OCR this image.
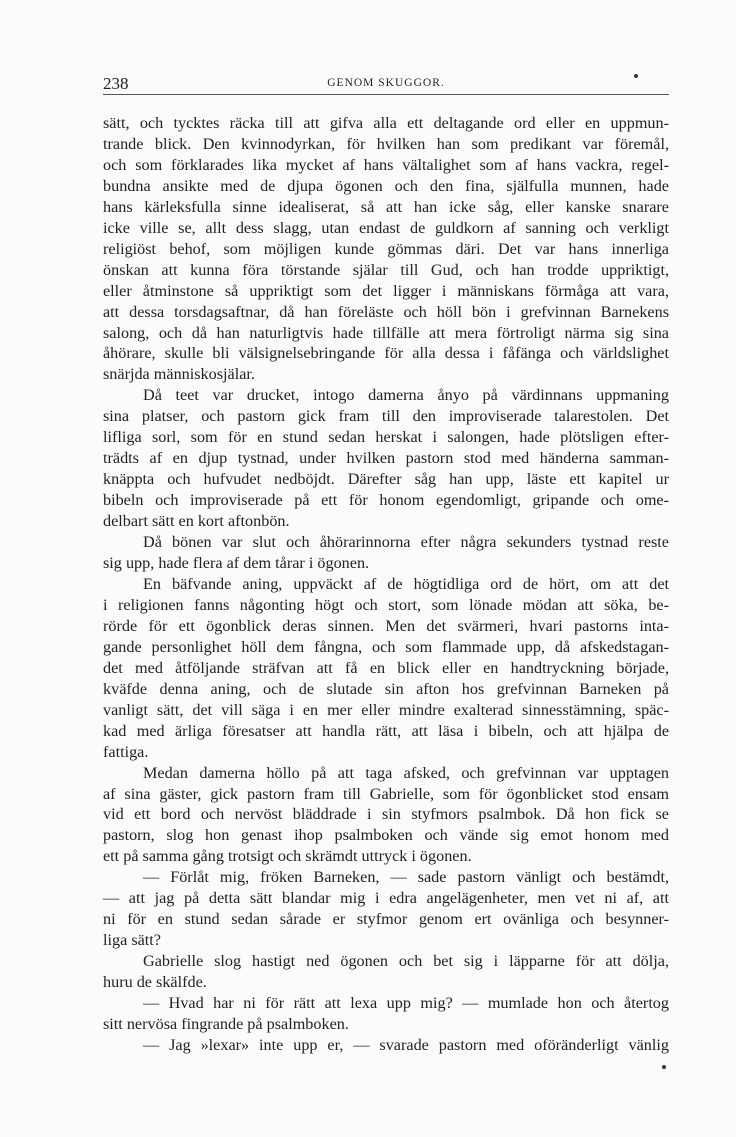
238	GENOM SKUGGOR.
sätt, och tycktes räcka till att gifva alla ett deltagande ord eller en uppmun-
trande blick. Den kvinnodyrkan, för hvilken han som predikant var föremål,
och som förklarades lika mycket af hans vältalighet som af hans vackra, regel-
bundna ansikte med de djupa ögonen och den fina, själfulla munnen, hade
hans kärleksfulla sinne idealiserat, så att han icke såg, eller kanske snarare
icke ville se, allt dess slagg, utan endast de guldkorn af sanning och verkligt
religiöst behof, som möjligen kunde gömmas däri. Det var hans innerliga
önskan att kunna föra törstande själar till Gud, och han trodde uppriktigt,
eller åtminstone så uppriktigt som det ligger i människans förmåga att vara,
att dessa torsdagsaftnar, då han föreläste och höll bön i grefvinnan Barnekens
salong, och då han naturligtvis hade tillfälle att mera förtroligt närma sig sina
åhörare, skulle bli välsignelsebringande för alla dessa i fåfänga och världslighet
snärjda människosjälar.
Då teet var drucket, intogo damerna ånyo på värdinnans uppmaning
sina platser, och pastorn gick fram till den improviserade talarestolen. Det
lifliga sorl, som för en stund sedan herskat i salongen, hade plötsligen efter-
trädts af en djup tystnad, under hvilken pastorn stod med händerna samman-
knäppta och hufvudet nedböjdt. Därefter såg han upp, läste ett kapitel ur
bibeln och improviserade på ett för honom egendomligt, gripande och ome-
delbart sätt en kort aftonbön.
Då bönen var slut och åhörarinnorna efter några sekunders tystnad reste
sig upp, hade flera af dem tårar i ögonen.
En bäfvande aning, uppväckt af de högtidliga ord de hört, om att det
i religionen fanns någonting högt och stort, som lönade mödan att söka, be-
rörde för ett ögonblick deras sinnen. Men det svärmeri, hvari pastorns inta-
gande personlighet höll dem fångna, och som flammade upp, då afskedstagan-
det med åtföljande sträfvan att få en blick eller en handtryckning började,
kväfde denna aning, och de slutade sin afton hos grefvinnan Barneken på
vanligt sätt, det vill säga i en mer eller mindre exalterad sinnesstämning, späc-
kad med ärliga föresatser att handla rätt, att läsa i bibeln, och att hjälpa de
fattiga.
Medan damerna höllo på att taga afsked, och grefvinnan var upptagen
af sina gäster, gick pastorn fram till Gabrielle, som för ögonblicket stod ensam
vid ett bord och nervöst bläddrade i sin styfmors psalmbok. Då hon fick se
pastorn, slog hon genast ihop psalmboken och vände sig emot honom med
ett på samma gång trotsigt och skrämdt uttryck i ögonen.
— Förlåt mig, fröken Barneken, — sade pastorn vänligt och bestämdt,
— att jag på detta sätt blandar mig i edra angelägenheter, men vet ni af, att
ni för en stund sedan sårade er styfmor genom ert ovänliga och besynner-
liga sätt?
Gabrielle slog hastigt ned ögonen och bet sig i läpparne för att dölja,
huru de skälfde.
— Hvad har ni för rätt att lexa upp mig? — mumlade hon och återtog
sitt nervösa fingrande på psalmboken.
— Jag »lexar» inte upp er, — svarade pastorn med oföränderligt vänlig
